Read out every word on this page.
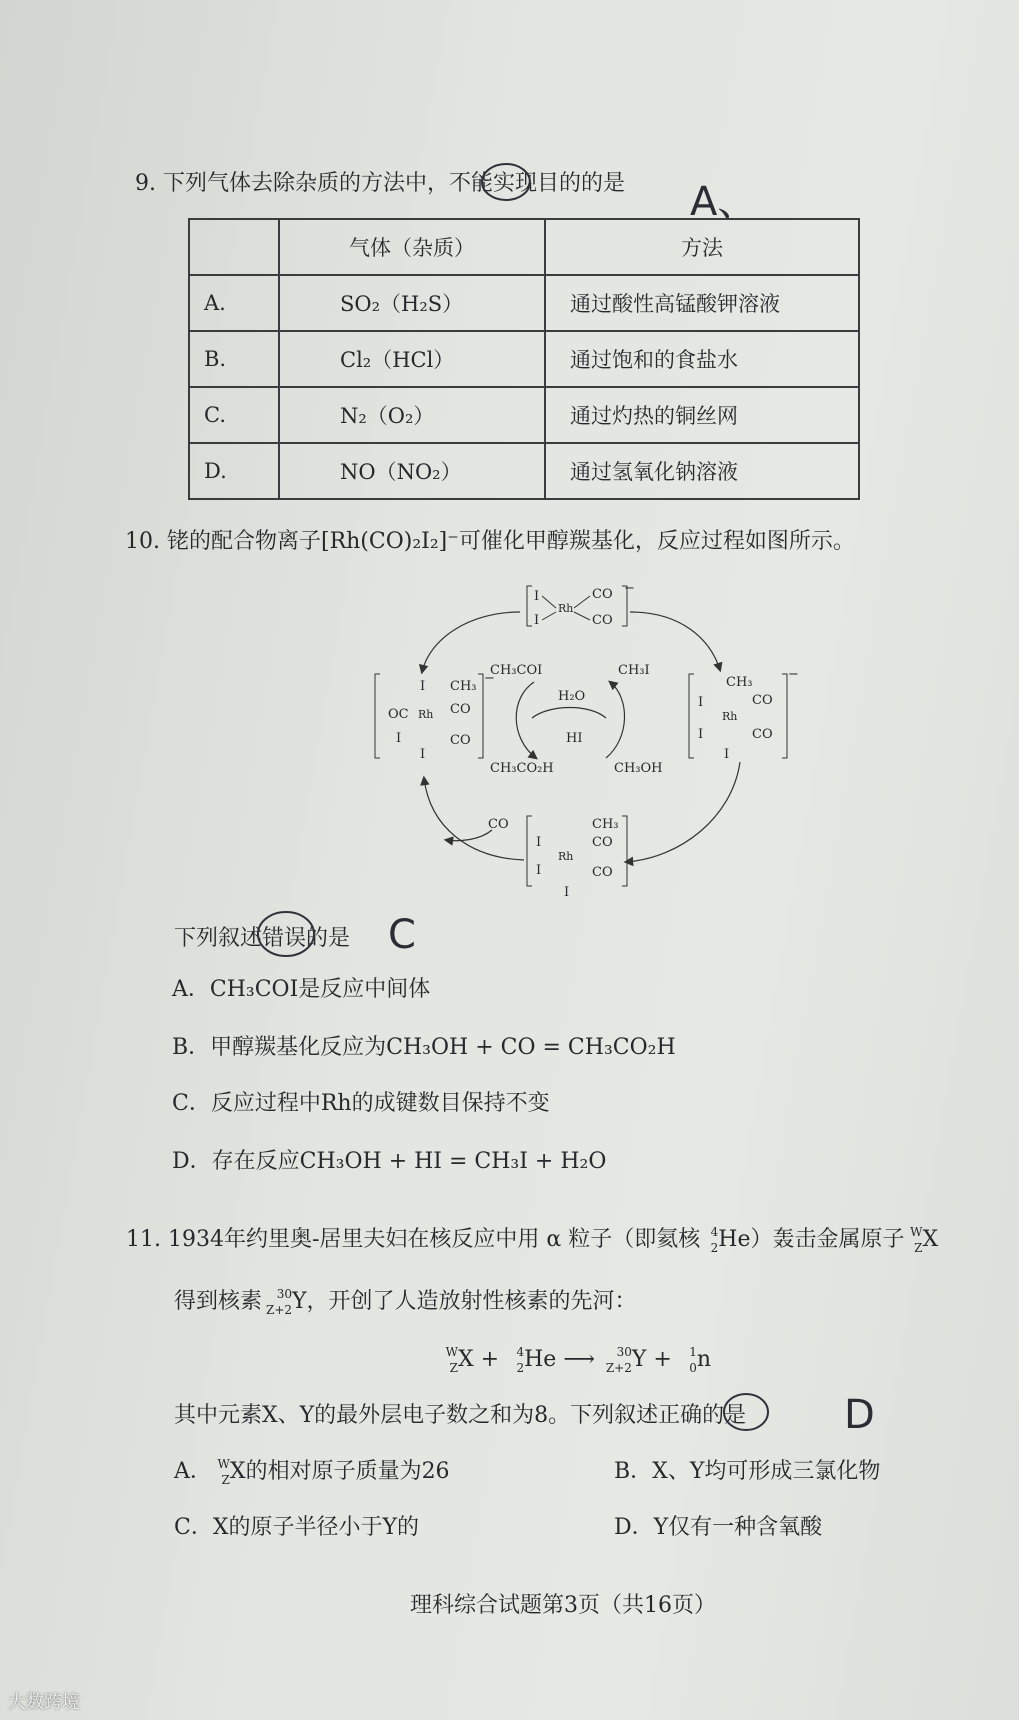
9. 下列气体去除杂质的方法中，不能实现目的的是 A、
	气体（杂质）	方法
A.	SO₂（H₂S）	通过酸性高锰酸钾溶液
B.	Cl₂（HCl）	通过饱和的食盐水
C.	N₂（O₂）	通过灼热的铜丝网
D.	NO（NO₂）	通过氢氧化钠溶液
10. 铑的配合物离子[Rh(CO)₂I₂]⁻可催化甲醇羰基化，反应过程如图所示。
I
I
Rh
CO
CO
−
OC Rh
I
I
I
CH₃
CO
CO
−	CH₃
Rh
I
I
CO
CO
I
−
CH₃
I
I
Rh
CO
CO
I
CH₃COI	CH₃I
H₂O
HI
CH₃CO₂H	CH₃OH
CO
下列叙述错误的是 C
A．CH₃COI是反应中间体
B．甲醇羰基化反应为CH₃OH + CO = CH₃CO₂H
C．反应过程中Rh的成键数目保持不变
D．存在反应CH₃OH + HI = CH₃I + H₂O
11. 1934年约里奥-居里夫妇在核反应中用 α 粒子（即氦核 4
2 He）轰击金属原子 W
Z X
得到核素 30
Z+2 Y，开创了人造放射性核素的先河：
W
Z X + 4
2 He ⟶ 30
Z+2 Y + 1
0 n
其中元素X、Y的最外层电子数之和为8。下列叙述正确的是 D
A． W
Z X的相对原子质量为26	B．X、Y均可形成三氯化物
C．X的原子半径小于Y的	D．Y仅有一种含氧酸
理科综合试题第3页（共16页）
大数跨境
